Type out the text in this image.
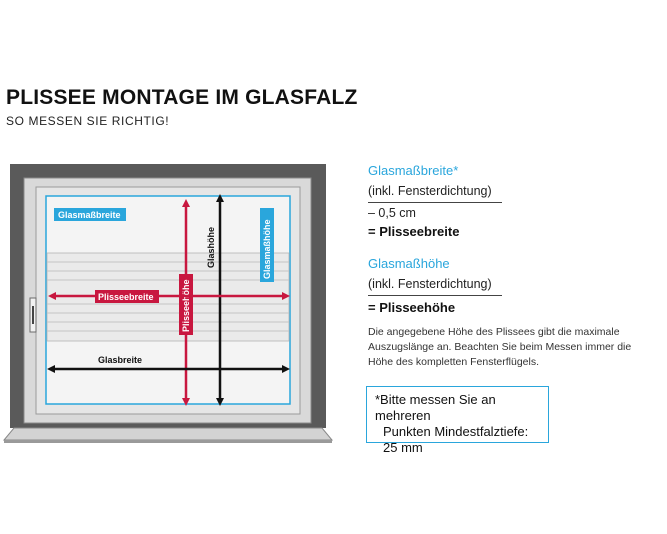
PLISSEE MONTAGE IM GLASFALZ
SO MESSEN SIE RICHTIG!
Glasmaßbreite
Glasmaßhöhe
Glashöhe
Plisseehöhe
Plisseebreite
Glasbreite
Glasmaßbreite*
(inkl. Fensterdichtung)
– 0,5 cm
= Plisseebreite
Glasmaßhöhe
(inkl. Fensterdichtung)
= Plisseehöhe
Die angegebene Höhe des Plissees gibt die maximale
Auszugslänge an. Beachten Sie beim Messen immer die
Höhe des kompletten Fensterflügels.
*Bitte messen Sie an mehreren
Punkten Mindestfalztiefe:
25 mm
